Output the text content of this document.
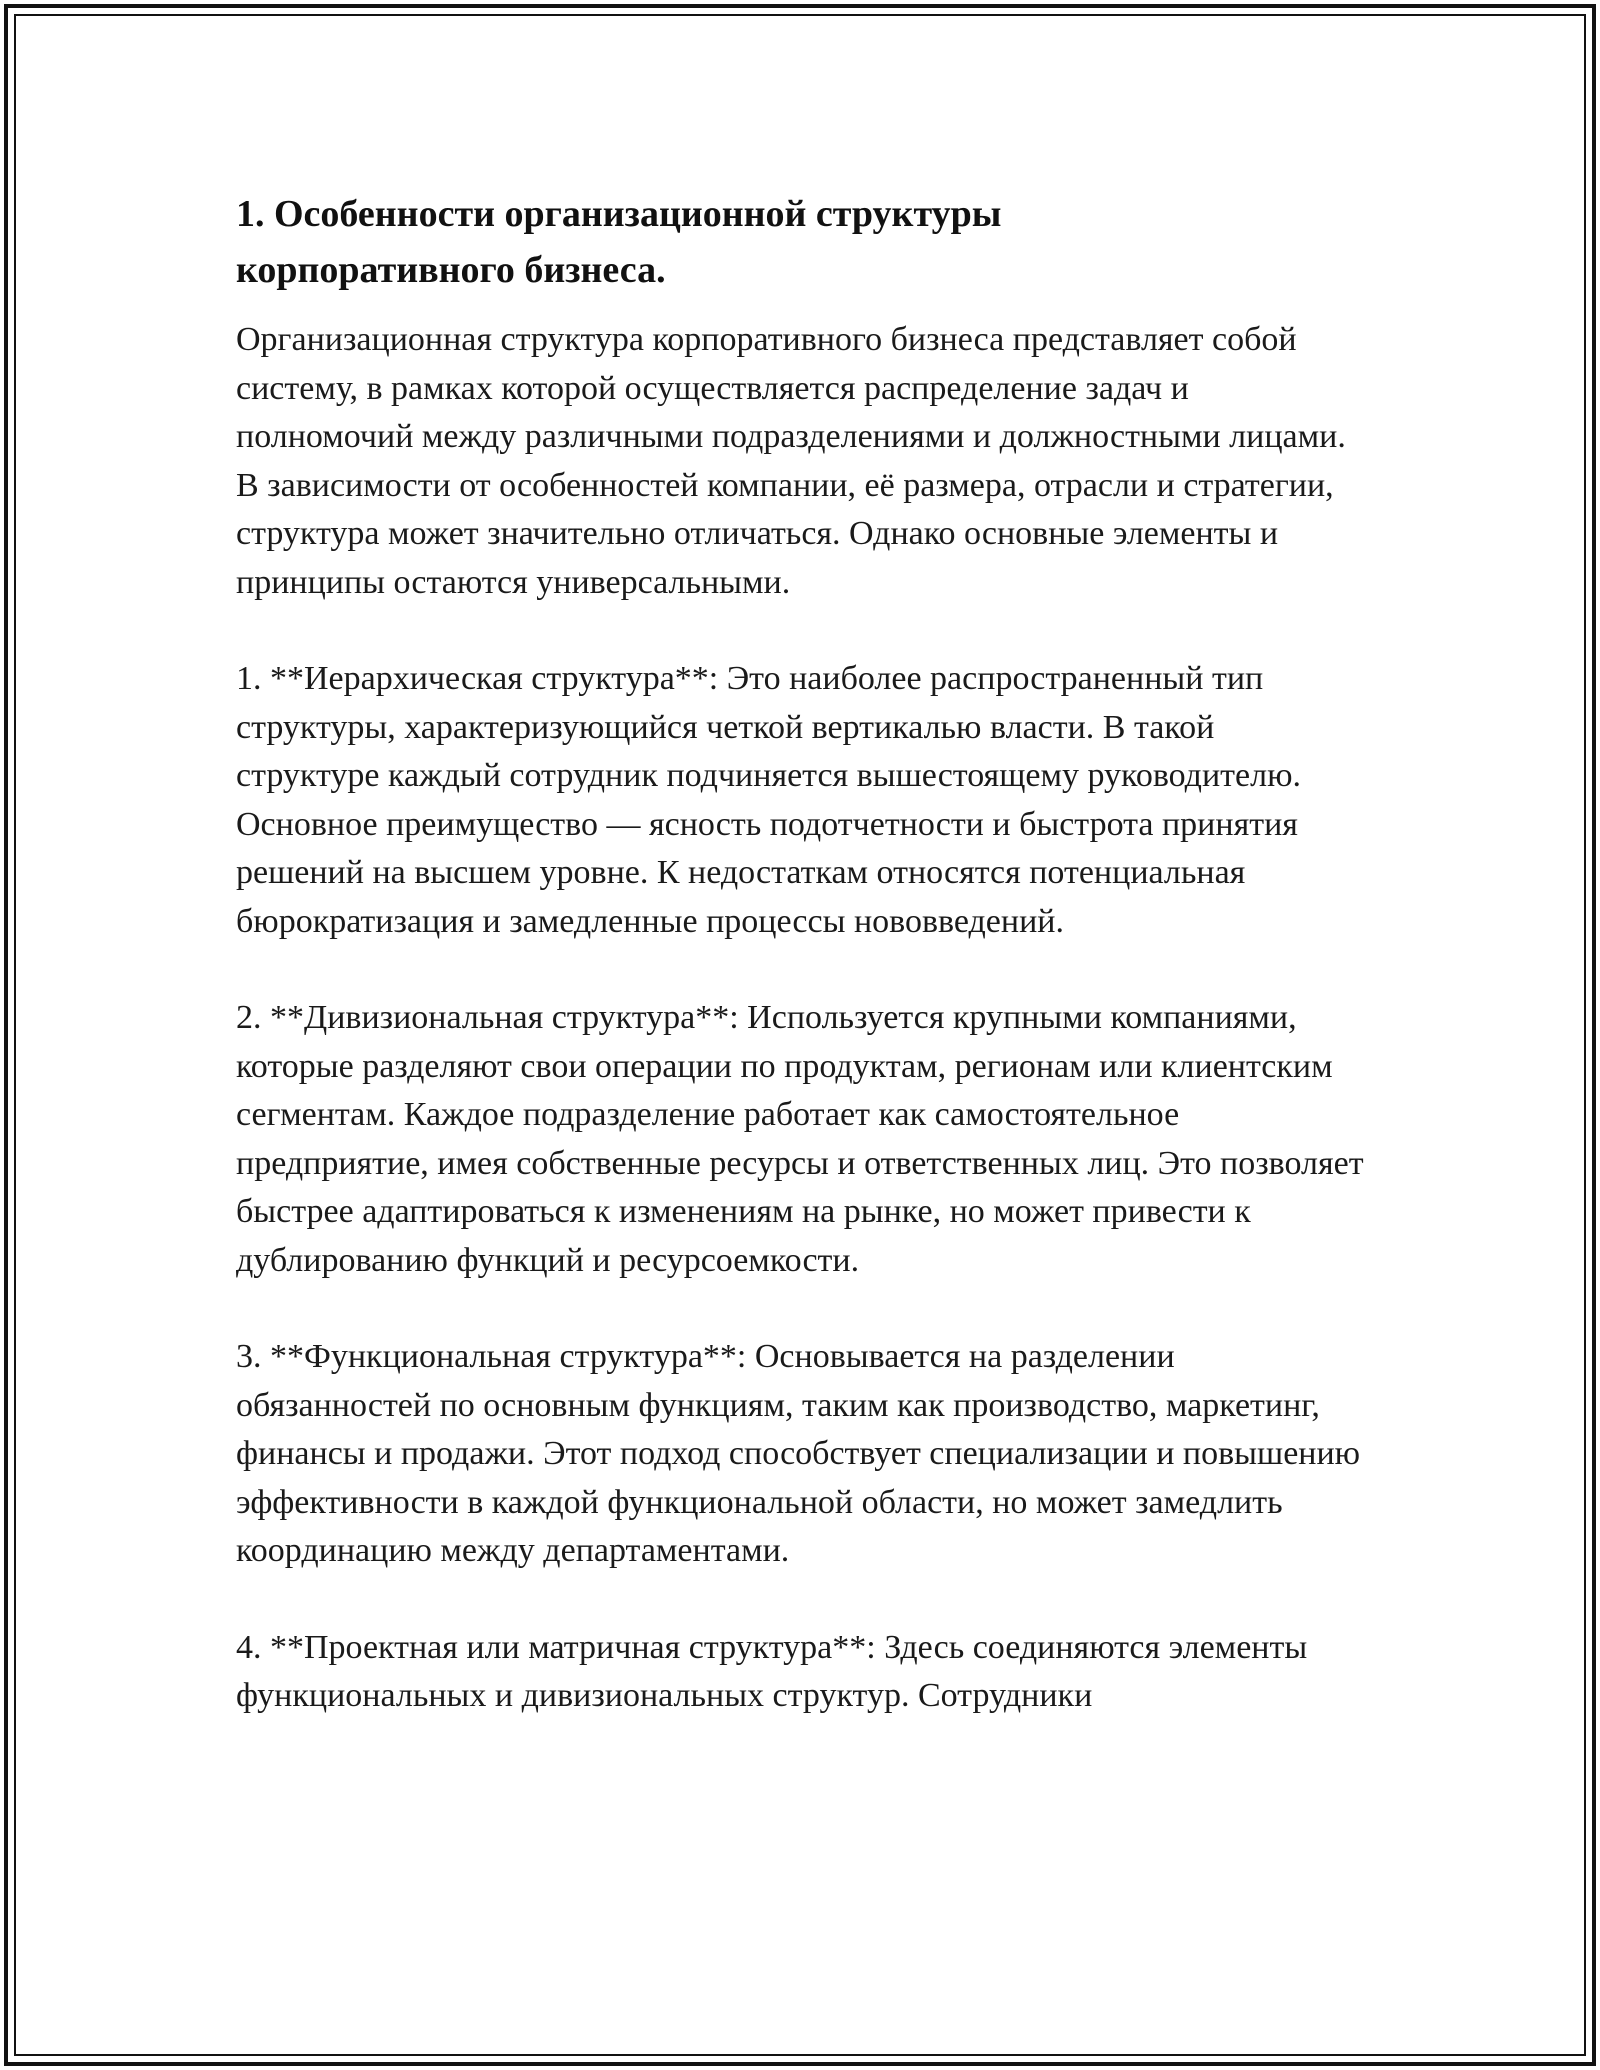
1. Особенности организационной структуры
корпоративного бизнеса.

Организационная структура корпоративного бизнеса представляет собой систему, в рамках которой осуществляется распределение задач и полномочий между различными подразделениями и должностными лицами. В зависимости от особенностей компании, её размера, отрасли и стратегии, структура может значительно отличаться. Однако основные элементы и принципы остаются универсальными.

1. **Иерархическая структура**: Это наиболее распространенный тип структуры, характеризующийся четкой вертикалью власти. В такой структуре каждый сотрудник подчиняется вышестоящему руководителю. Основное преимущество — ясность подотчетности и быстрота принятия решений на высшем уровне. К недостаткам относятся потенциальная бюрократизация и замедленные процессы нововведений.

2. **Дивизиональная структура**: Используется крупными компаниями, которые разделяют свои операции по продуктам, регионам или клиентским сегментам. Каждое подразделение работает как самостоятельное предприятие, имея собственные ресурсы и ответственных лиц. Это позволяет быстрее адаптироваться к изменениям на рынке, но может привести к дублированию функций и ресурсоемкости.

3. **Функциональная структура**: Основывается на разделении обязанностей по основным функциям, таким как производство, маркетинг, финансы и продажи. Этот подход способствует специализации и повышению эффективности в каждой функциональной области, но может замедлить координацию между департаментами.

4. **Проектная или матричная структура**: Здесь соединяются элементы функциональных и дивизиональных структур. Сотрудники
